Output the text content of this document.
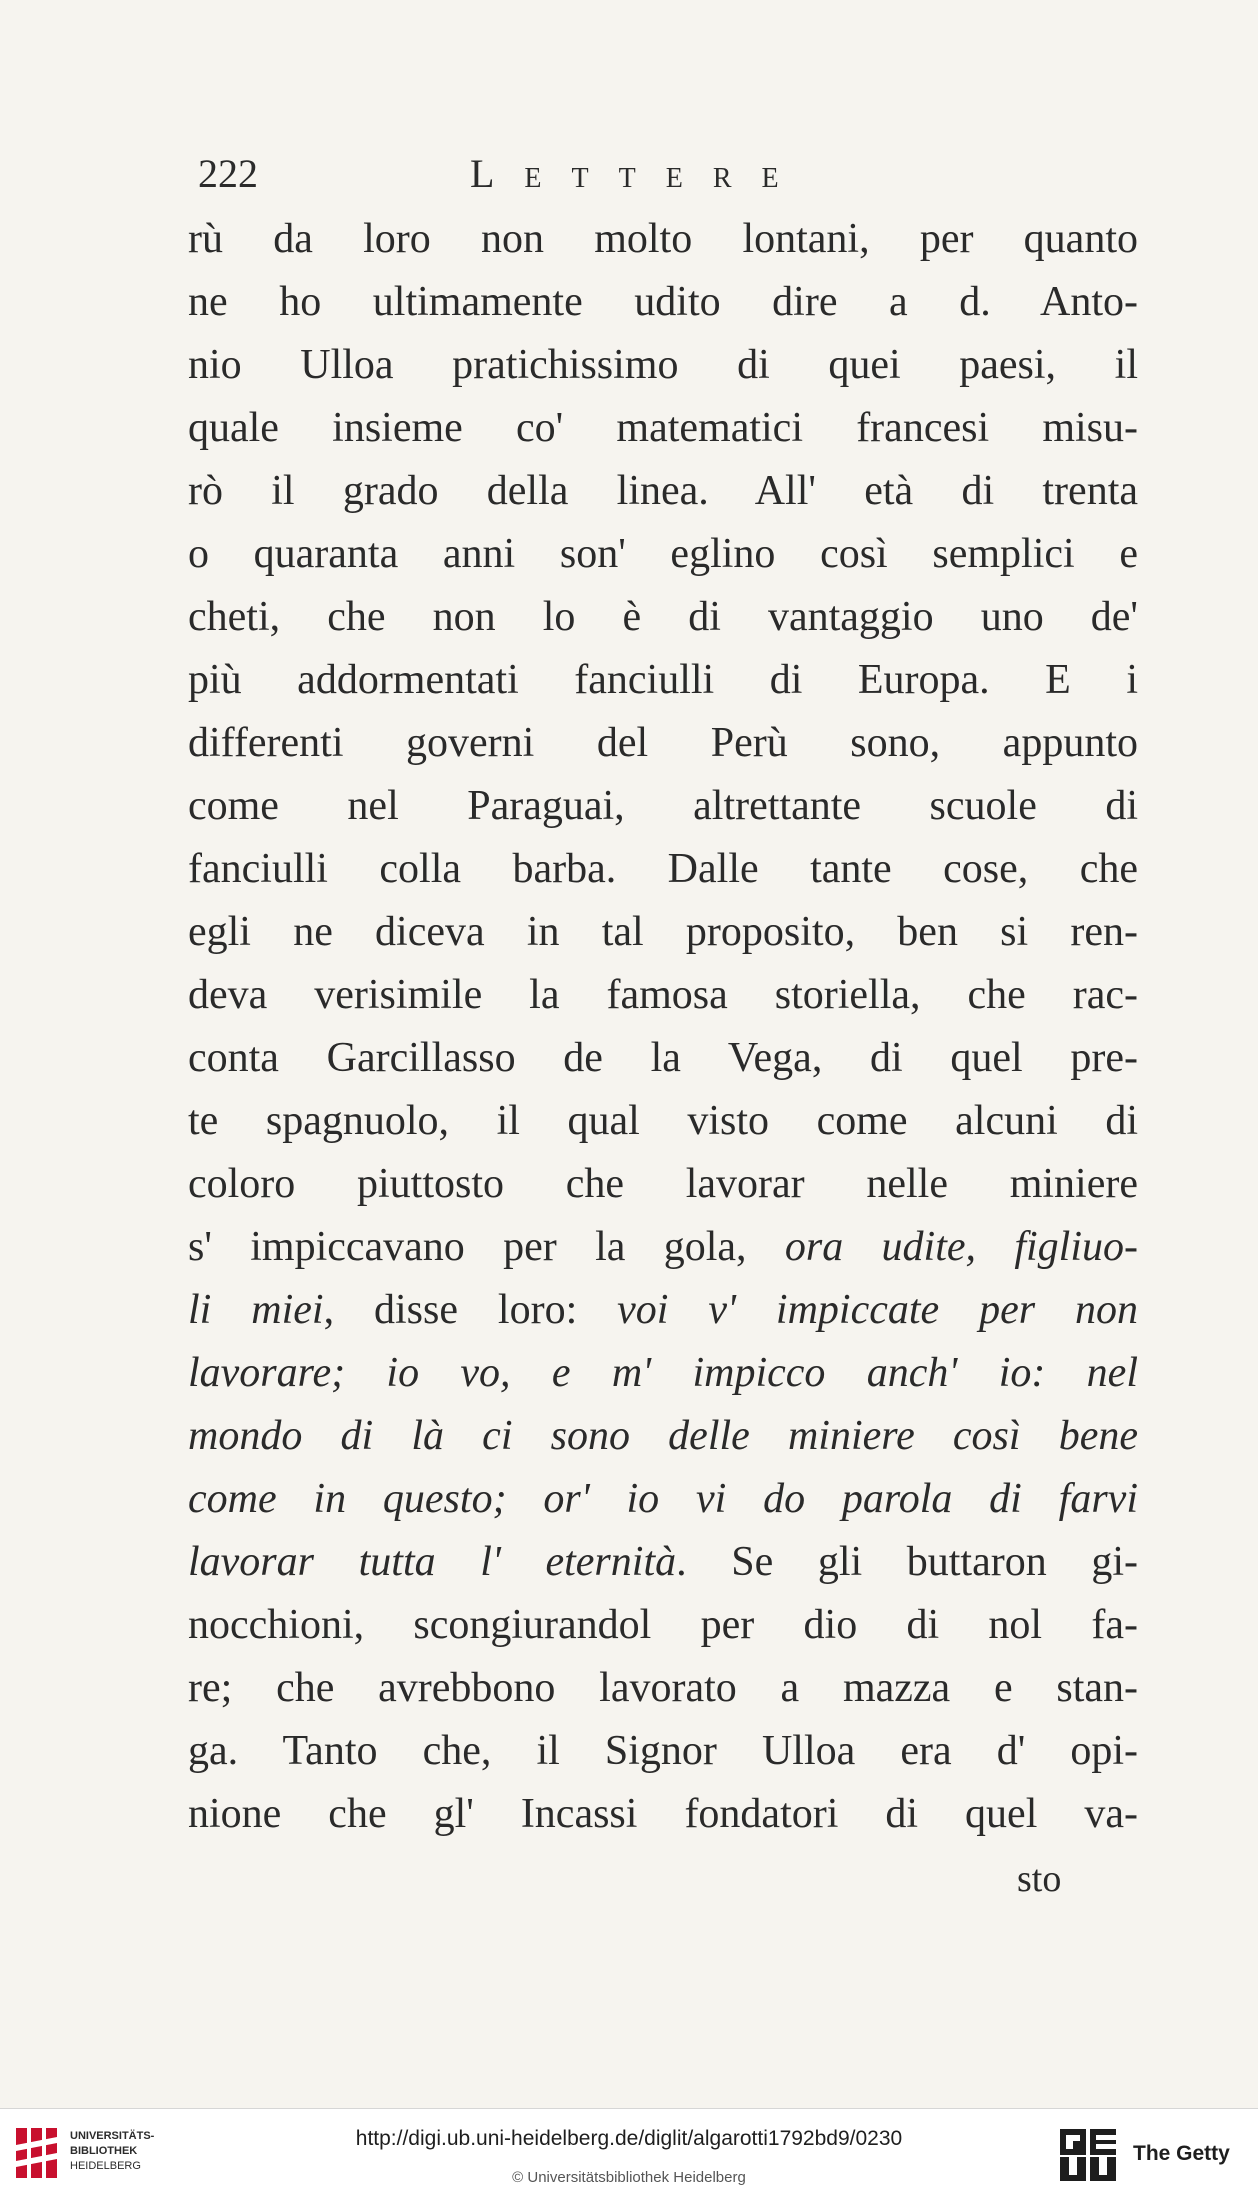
222	Lettere
rù da loro non molto lontani, per quanto
ne ho ultimamente udito dire a d. Anto-
nio Ulloa pratichissimo di quei paesi, il
quale insieme co' matematici francesi misu-
rò il grado della linea. All' età di trenta
o quaranta anni son' eglino così semplici e
cheti, che non lo è di vantaggio uno de'
più addormentati fanciulli di Europa. E i
differenti governi del Perù sono, appunto
come nel Paraguai, altrettante scuole di
fanciulli colla barba. Dalle tante cose, che
egli ne diceva in tal proposito, ben si ren-
deva verisimile la famosa storiella, che rac-
conta Garcillasso de la Vega, di quel pre-
te spagnuolo, il qual visto come alcuni di
coloro piuttosto che lavorar nelle miniere
s' impiccavano per la gola, ora udite, figliuo-
li miei, disse loro: voi v' impiccate per non
lavorare; io vo, e m' impicco anch' io: nel
mondo di là ci sono delle miniere così bene
come in questo; or' io vi do parola di farvi
lavorar tutta l' eternità. Se gli buttaron gi-
nocchioni, scongiurandol per dio di nol fa-
re; che avrebbono lavorato a mazza e stan-
ga. Tanto che, il Signor Ulloa era d' opi-
nione che gl' Incassi fondatori di quel va-
sto
UNIVERSITÄTS-
BIBLIOTHEK
HEIDELBERG
http://digi.ub.uni-heidelberg.de/diglit/algarotti1792bd9/0230
© Universitätsbibliothek Heidelberg
The Getty
